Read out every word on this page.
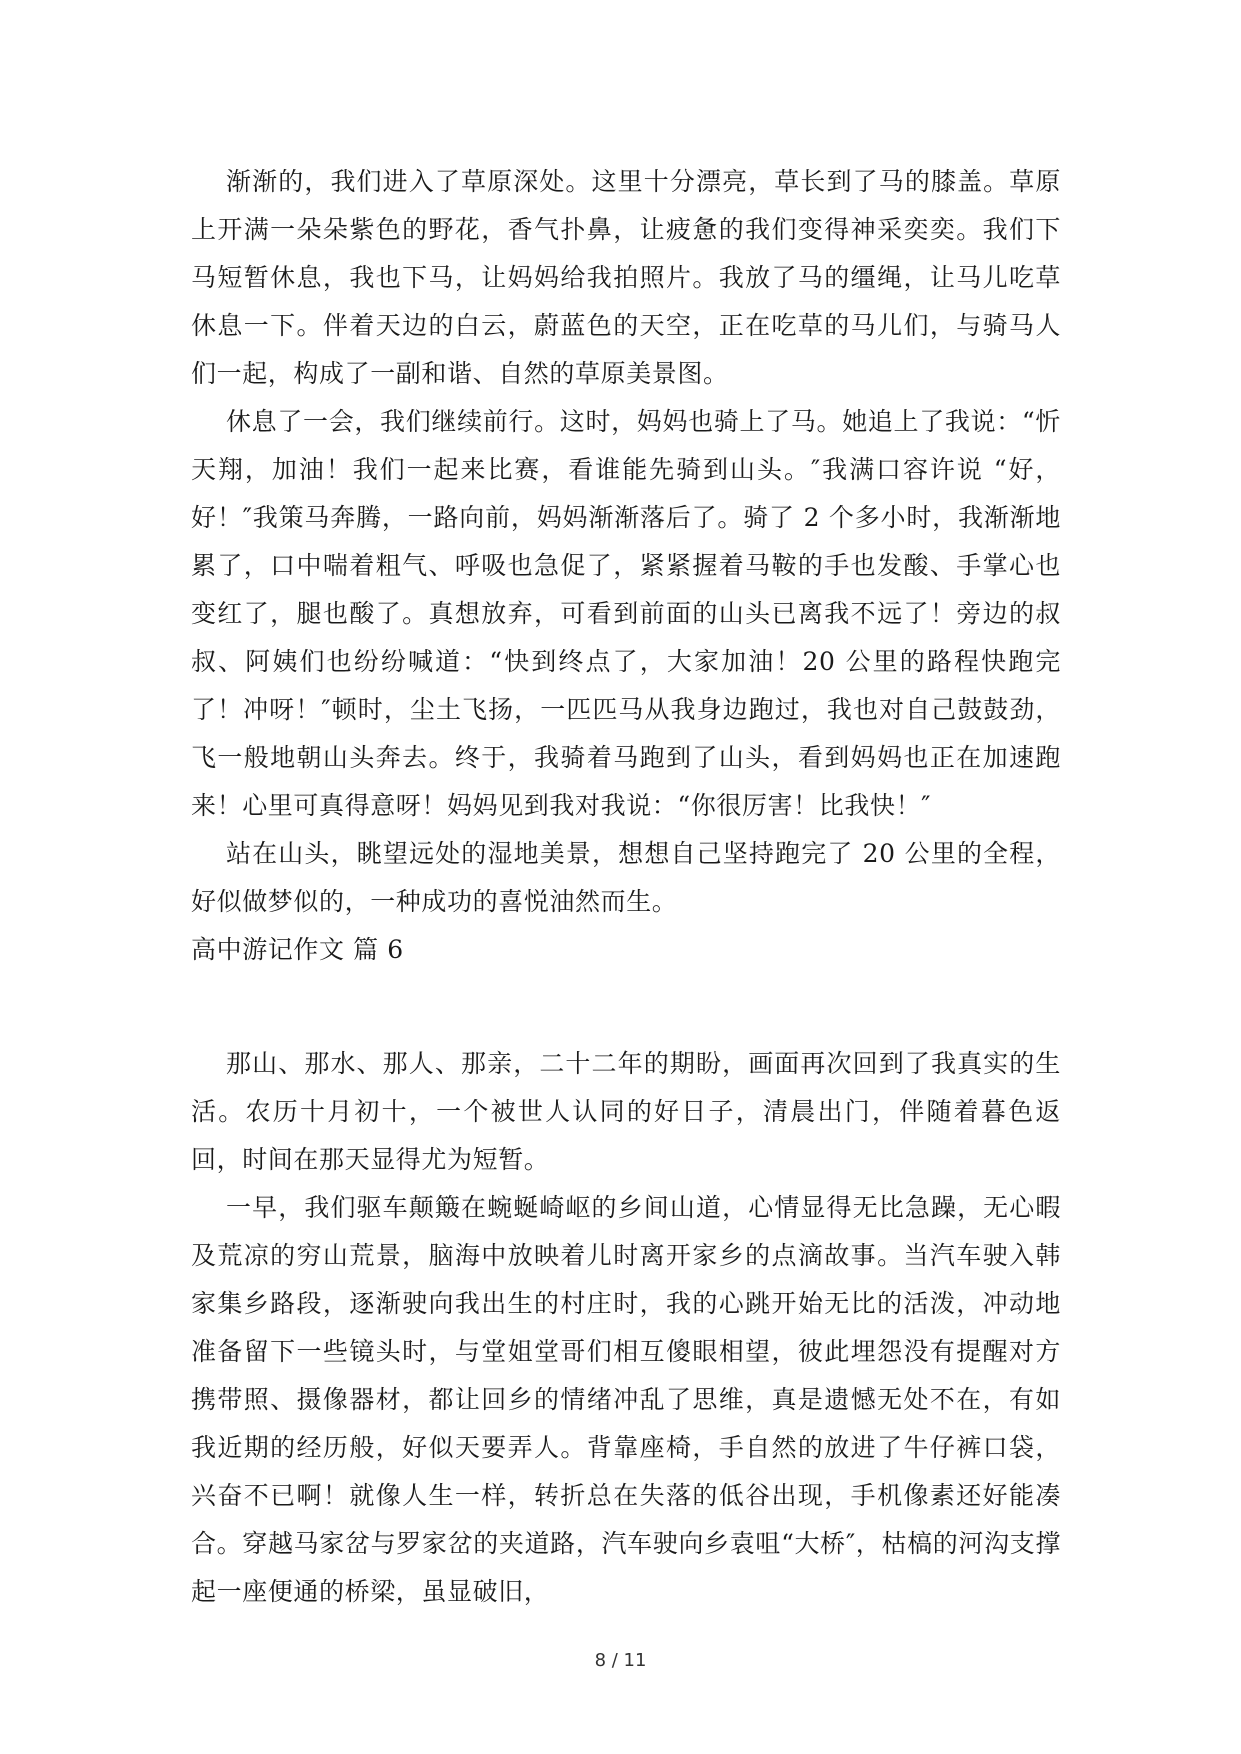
渐渐的，我们进入了草原深处。这里十分漂亮，草长到了马的膝盖。草原上开满一朵朵紫色的野花，香气扑鼻，让疲惫的我们变得神采奕奕。我们下马短暂休息，我也下马，让妈妈给我拍照片。我放了马的缰绳，让马儿吃草休息一下。伴着天边的白云，蔚蓝色的天空，正在吃草的马儿们，与骑马人们一起，构成了一副和谐、自然的草原美景图。

休息了一会，我们继续前行。这时，妈妈也骑上了马。她追上了我说：“忻天翔，加油！我们一起来比赛，看谁能先骑到山头。″我满口容许说 “好，好！″我策马奔腾，一路向前，妈妈渐渐落后了。骑了 2 个多小时，我渐渐地累了，口中喘着粗气、呼吸也急促了，紧紧握着马鞍的手也发酸、手掌心也变红了，腿也酸了。真想放弃，可看到前面的山头已离我不远了！旁边的叔叔、阿姨们也纷纷喊道：“快到终点了，大家加油！20 公里的路程快跑完了！冲呀！″顿时，尘土飞扬，一匹匹马从我身边跑过，我也对自己鼓鼓劲，飞一般地朝山头奔去。终于，我骑着马跑到了山头，看到妈妈也正在加速跑来！心里可真得意呀！妈妈见到我对我说：“你很厉害！比我快！″

站在山头，眺望远处的湿地美景，想想自己坚持跑完了 20 公里的全程，好似做梦似的，一种成功的喜悦油然而生。

高中游记作文 篇 6

那山、那水、那人、那亲，二十二年的期盼，画面再次回到了我真实的生活。农历十月初十，一个被世人认同的好日子，清晨出门，伴随着暮色返回，时间在那天显得尤为短暂。

一早，我们驱车颠簸在蜿蜒崎岖的乡间山道，心情显得无比急躁，无心暇及荒凉的穷山荒景，脑海中放映着儿时离开家乡的点滴故事。当汽车驶入韩家集乡路段，逐渐驶向我出生的村庄时，我的心跳开始无比的活泼，冲动地准备留下一些镜头时，与堂姐堂哥们相互傻眼相望，彼此埋怨没有提醒对方携带照、摄像器材，都让回乡的情绪冲乱了思维，真是遗憾无处不在，有如我近期的经历般，好似天要弄人。背靠座椅，手自然的放进了牛仔裤口袋，兴奋不已啊！就像人生一样，转折总在失落的低谷出现，手机像素还好能凑合。穿越马家岔与罗家岔的夹道路，汽车驶向乡袁咀“大桥″，枯槁的河沟支撑起一座便通的桥梁，虽显破旧，

8 / 11
